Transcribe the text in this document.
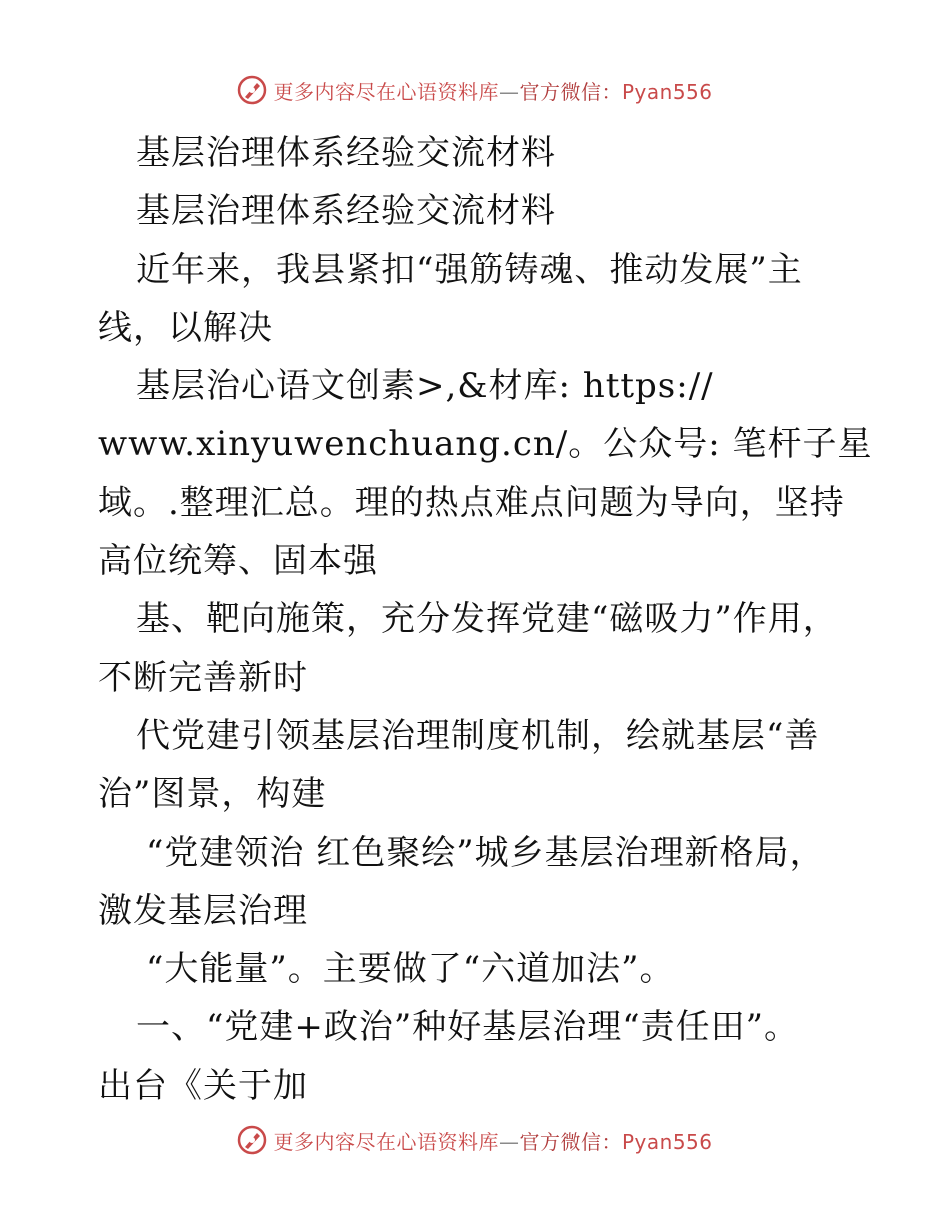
更多内容尽在心语资料库—官方微信：Pyan556
基层治理体系经验交流材料
基层治理体系经验交流材料
近年来，我县紧扣“强筋铸魂、推动发展”主
线，以解决
基层治心语文创素>,&材库: https://
www.xinyuwenchuang.cn/。公众号: 笔杆子星
域。.整理汇总。理的热点难点问题为导向，坚持
高位统筹、固本强
基、靶向施策，充分发挥党建“磁吸力”作用，
不断完善新时
代党建引领基层治理制度机制，绘就基层“善
治”图景，构建
“党建领治 红色聚绘”城乡基层治理新格局，
激发基层治理
“大能量”。主要做了“六道加法”。
一、“党建+政治”种好基层治理“责任田”。
出台《关于加
更多内容尽在心语资料库—官方微信：Pyan556
